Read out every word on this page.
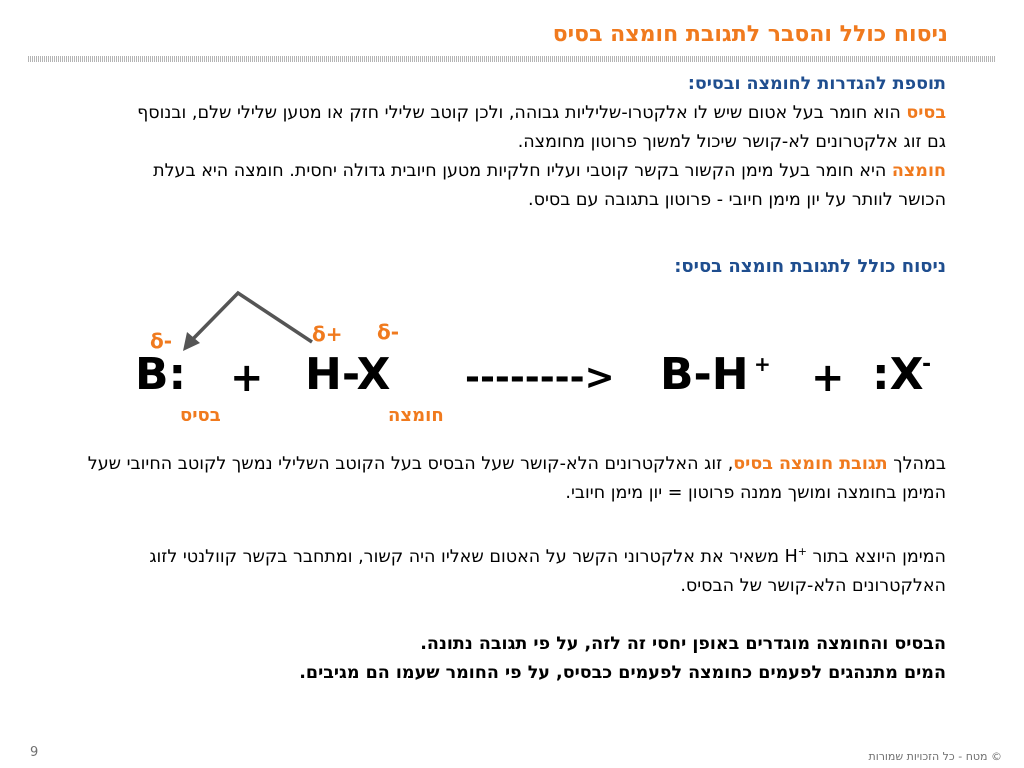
ניסוח כולל והסבר לתגובת חומצה בסיס
תוספת להגדרות לחומצה ובסיס:
בסיס הוא חומר בעל אטום שיש לו אלקטרו-שליליות גבוהה, ולכן קוטב שלילי חזק או מטען שלילי שלם, ובנוסף גם זוג אלקטרונים לא-קושר שיכול למשוך פרוטון מחומצה.
חומצה היא חומר בעל מימן הקשור בקשר קוטבי ועליו חלקיות מטען חיובית גדולה יחסית. חומצה היא בעלת הכושר לוותר על יון מימן חיובי - פרוטון בתגובה עם בסיס.
ניסוח כולל לתגובת חומצה בסיס:
δ-	δ+ δ-
B: + H-X --------> B-H + + :X
-
בסיס	חומצה

במהלך תגובת חומצה בסיס, זוג האלקטרונים הלא-קושר שעל הבסיס בעל הקוטב השלילי נמשך לקוטב החיובי שעל המימן בחומצה ומושך ממנה פרוטון = יון מימן חיובי.

המימן היוצא בתור H+ משאיר את אלקטרוני הקשר על האטום שאליו היה קשור, ומתחבר בקשר קוולנטי לזוג האלקטרונים הלא-קושר של הבסיס.

הבסיס והחומצה מוגדרים באופן יחסי זה לזה, על פי תגובה נתונה.
המים מתנהגים לפעמים כחומצה לפעמים כבסיס, על פי החומר שעמו הם מגיבים.

9	© מטח - כל הזכויות שמורות
